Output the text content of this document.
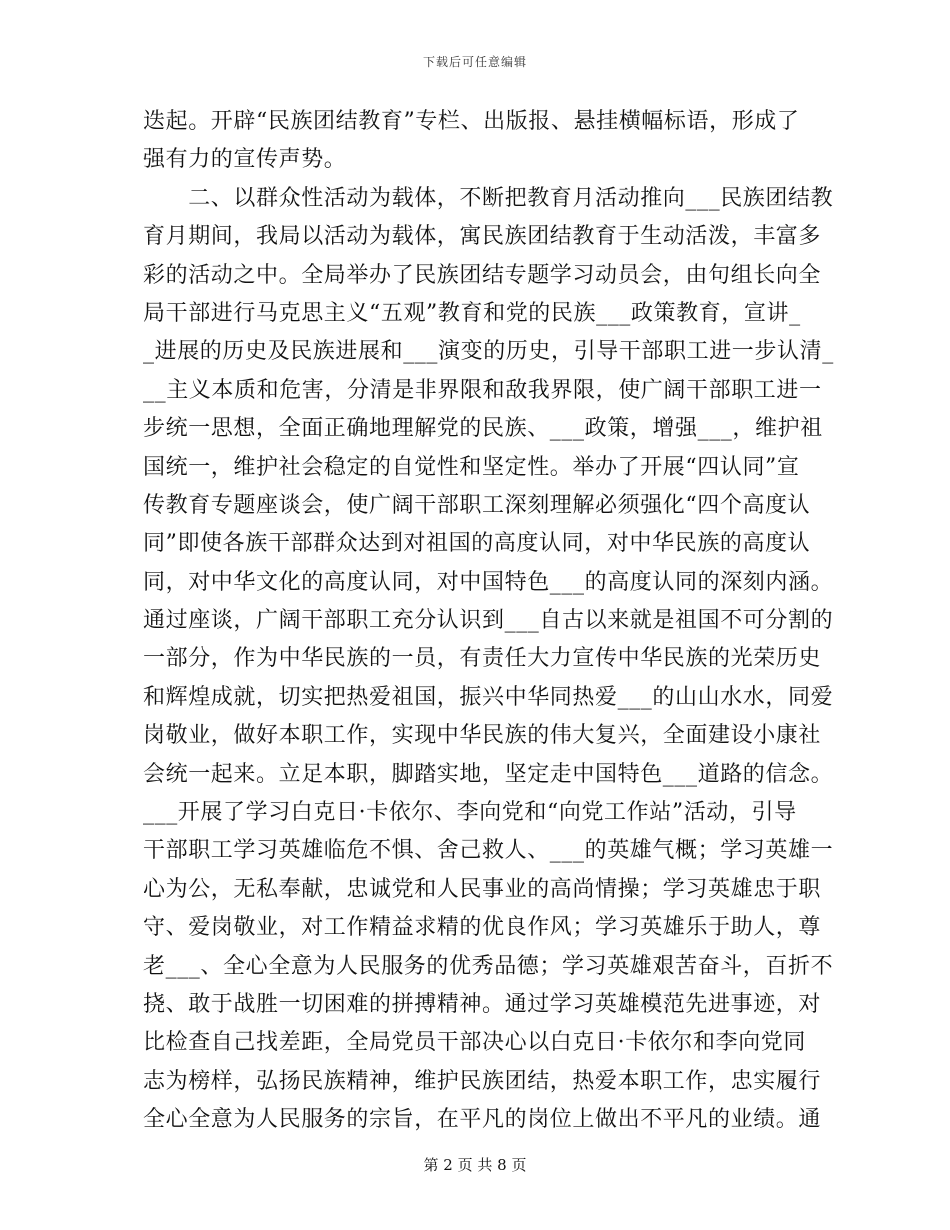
下载后可任意编辑
迭起。开辟“民族团结教育”专栏、出版报、悬挂横幅标语，形成了
强有力的宣传声势。
　　二、以群众性活动为载体，不断把教育月活动推向___民族团结教
育月期间，我局以活动为载体，寓民族团结教育于生动活泼，丰富多
彩的活动之中。全局举办了民族团结专题学习动员会，由句组长向全
局干部进行马克思主义“五观”教育和党的民族___政策教育，宣讲_
_进展的历史及民族进展和___演变的历史，引导干部职工进一步认清_
__主义本质和危害，分清是非界限和敌我界限，使广阔干部职工进一
步统一思想，全面正确地理解党的民族、___政策，增强___，维护祖
国统一，维护社会稳定的自觉性和坚定性。举办了开展“四认同”宣
传教育专题座谈会，使广阔干部职工深刻理解必须强化“四个高度认
同”即使各族干部群众达到对祖国的高度认同，对中华民族的高度认
同，对中华文化的高度认同，对中国特色___的高度认同的深刻内涵。
通过座谈，广阔干部职工充分认识到___自古以来就是祖国不可分割的
一部分，作为中华民族的一员，有责任大力宣传中华民族的光荣历史
和辉煌成就，切实把热爱祖国，振兴中华同热爱___的山山水水，同爱
岗敬业，做好本职工作，实现中华民族的伟大复兴，全面建设小康社
会统一起来。立足本职，脚踏实地，坚定走中国特色___道路的信念。
___开展了学习白克日·卡依尔、李向党和“向党工作站”活动，引导
干部职工学习英雄临危不惧、舍己救人、___的英雄气概；学习英雄一
心为公，无私奉献，忠诚党和人民事业的高尚情操；学习英雄忠于职
守、爱岗敬业，对工作精益求精的优良作风；学习英雄乐于助人，尊
老___、全心全意为人民服务的优秀品德；学习英雄艰苦奋斗，百折不
挠、敢于战胜一切困难的拼搏精神。通过学习英雄模范先进事迹，对
比检查自己找差距，全局党员干部决心以白克日·卡依尔和李向党同
志为榜样，弘扬民族精神，维护民族团结，热爱本职工作，忠实履行
全心全意为人民服务的宗旨，在平凡的岗位上做出不平凡的业绩。通
第 2 页 共 8 页
